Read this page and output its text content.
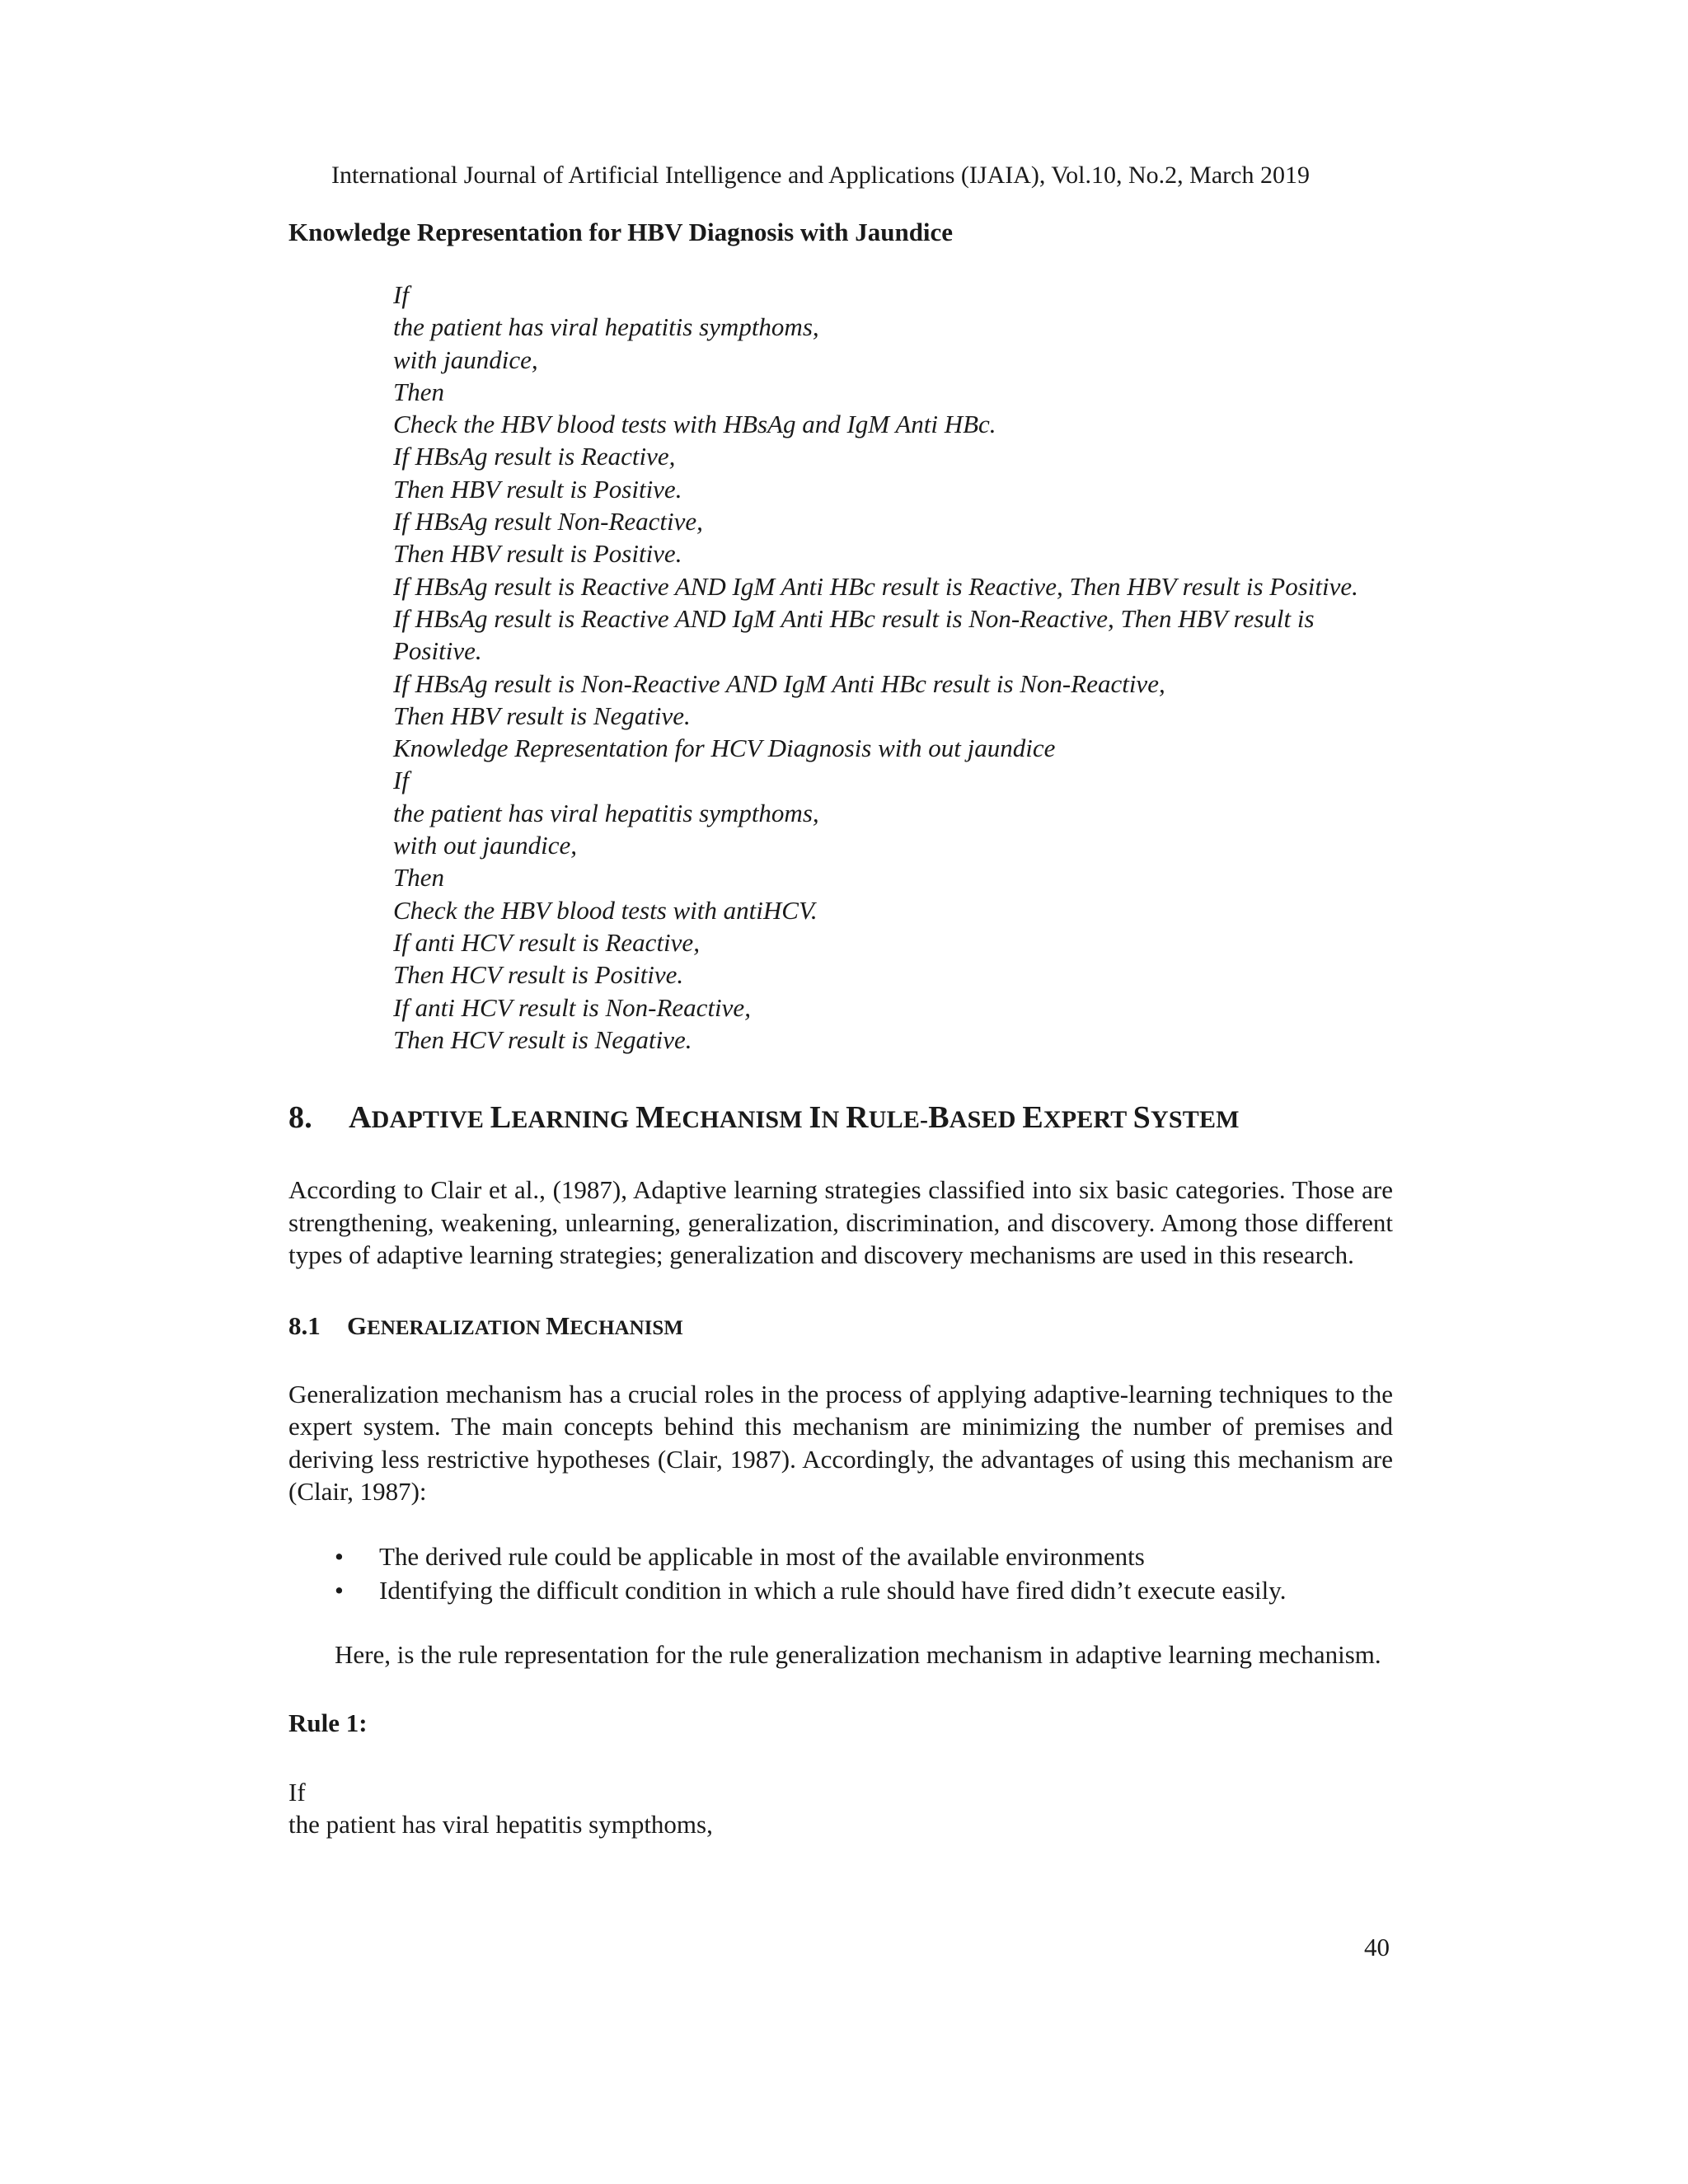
International Journal of Artificial Intelligence and Applications (IJAIA), Vol.10, No.2, March 2019

Knowledge Representation for HBV Diagnosis with Jaundice

If
the patient has viral hepatitis sympthoms,
with jaundice,
Then
Check the HBV blood tests with HBsAg and IgM Anti HBc.
If HBsAg result is Reactive,
Then HBV result is Positive.
If HBsAg result Non-Reactive,
Then HBV result is Positive.
If HBsAg result is Reactive AND IgM Anti HBc result is Reactive, Then HBV result is Positive.
If HBsAg result is Reactive AND IgM Anti HBc result is Non-Reactive, Then HBV result is Positive.
If HBsAg result is Non-Reactive AND IgM Anti HBc result is Non-Reactive,
Then HBV result is Negative.
Knowledge Representation for HCV Diagnosis with out jaundice
If
the patient has viral hepatitis sympthoms,
with out jaundice,
Then
Check the HBV blood tests with antiHCV.
If anti HCV result is Reactive,
Then HCV result is Positive.
If anti HCV result is Non-Reactive,
Then HCV result is Negative.
8. ADAPTIVE LEARNING MECHANISM IN RULE-BASED EXPERT SYSTEM

According to Clair et al., (1987), Adaptive learning strategies classified into six basic categories. Those are strengthening, weakening, unlearning, generalization, discrimination, and discovery. Among those different types of adaptive learning strategies; generalization and discovery mechanisms are used in this research.

8.1 GENERALIZATION MECHANISM

Generalization mechanism has a crucial roles in the process of applying adaptive-learning techniques to the expert system. The main concepts behind this mechanism are minimizing the number of premises and deriving less restrictive hypotheses (Clair, 1987). Accordingly, the advantages of using this mechanism are (Clair, 1987):

• The derived rule could be applicable in most of the available environments
• Identifying the difficult condition in which a rule should have fired didn’t execute easily.

Here, is the rule representation for the rule generalization mechanism in adaptive learning mechanism.

Rule 1:

If

the patient has viral hepatitis sympthoms,

40
